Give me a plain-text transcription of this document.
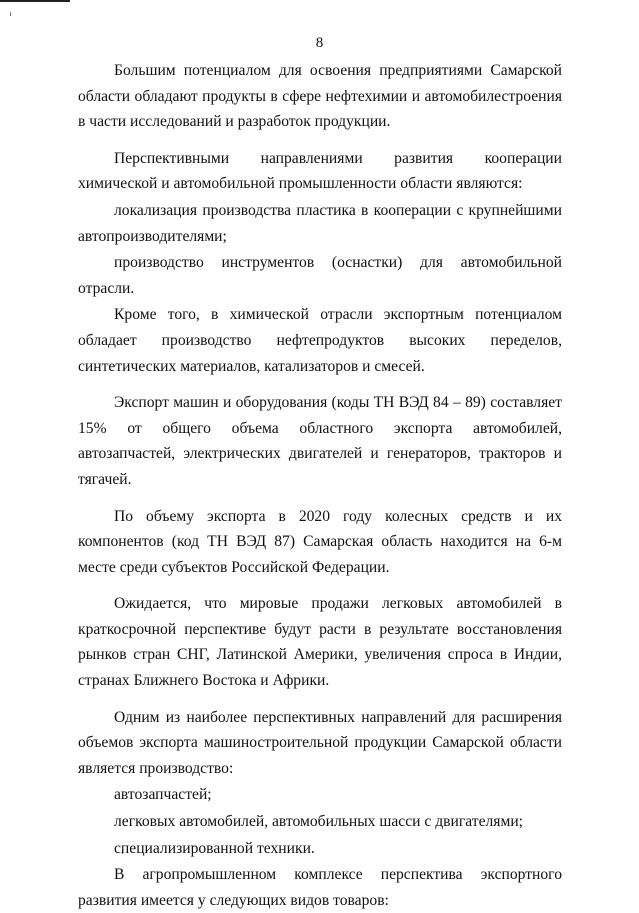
8

Большим потенциалом для освоения предприятиями Самарской области обладают продукты в сфере нефтехимии и автомобилестроения в части исследований и разработок продукции.

Перспективными направлениями развития кооперации химической и автомобильной промышленности области являются:

локализация производства пластика в кооперации с крупнейшими автопроизводителями;

производство инструментов (оснастки) для автомобильной отрасли.

Кроме того, в химической отрасли экспортным потенциалом обладает производство нефтепродуктов высоких переделов, синтетических материалов, катализаторов и смесей.

Экспорт машин и оборудования (коды ТН ВЭД 84 – 89) составляет 15% от общего объема областного экспорта автомобилей, автозапчастей, электрических двигателей и генераторов, тракторов и тягачей.

По объему экспорта в 2020 году колесных средств и их компонентов (код ТН ВЭД 87) Самарская область находится на 6-м месте среди субъектов Российской Федерации.

Ожидается, что мировые продажи легковых автомобилей в краткосрочной перспективе будут расти в результате восстановления рынков стран СНГ, Латинской Америки, увеличения спроса в Индии, странах Ближнего Востока и Африки.

Одним из наиболее перспективных направлений для расширения объемов экспорта машиностроительной продукции Самарской области является производство:

автозапчастей;

легковых автомобилей, автомобильных шасси с двигателями;

специализированной техники.

В агропромышленном комплексе перспектива экспортного развития имеется у следующих видов товаров:
